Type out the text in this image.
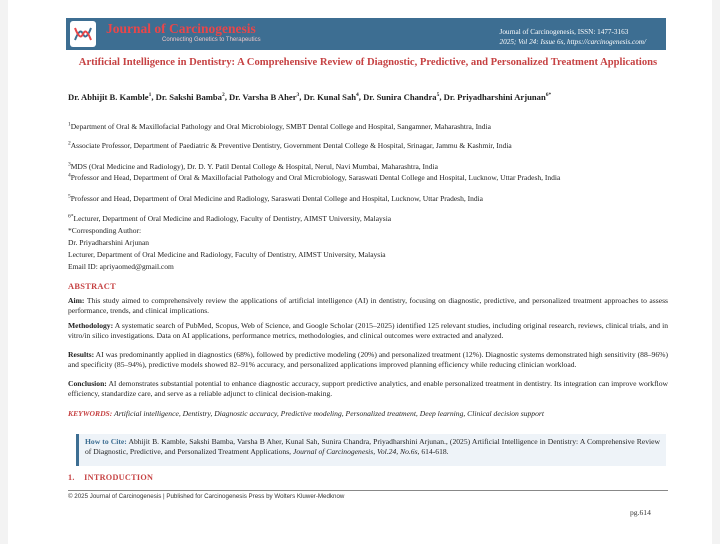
Journal of Carcinogenesis
Connecting Genetics to Therapeutics
Journal of Carcinogenesis, ISSN: 1477-3163
2025; Vol 24: Issue 6s, https://carcinogenesis.com/
Artificial Intelligence in Dentistry: A Comprehensive Review of Diagnostic, Predictive, and Personalized Treatment Applications
Dr. Abhijit B. Kamble$^1$, Dr. Sakshi Bamba$^2$, Dr. Varsha B Aher$^3$, Dr. Kunal Sah$^4$, Dr. Sunira Chandra$^5$, Dr. Priyadharshini Arjunan$^{6*}$
$^1$Department of Oral & Maxillofacial Pathology and Oral Microbiology, SMBT Dental College and Hospital, Sangamner, Maharashtra, India
$^2$Associate Professor, Department of Paediatric & Preventive Dentistry, Government Dental College & Hospital, Srinagar, Jammu & Kashmir, India
$^3$MDS (Oral Medicine and Radiology), Dr. D. Y. Patil Dental College & Hospital, Nerul, Navi Mumbai, Maharashtra, India
$^4$Professor and Head, Department of Oral & Maxillofacial Pathology and Oral Microbiology, Saraswati Dental College and Hospital, Lucknow, Uttar Pradesh, India
$^5$Professor and Head, Department of Oral Medicine and Radiology, Saraswati Dental College and Hospital, Lucknow, Uttar Pradesh, India
$^{6*}$Lecturer, Department of Oral Medicine and Radiology, Faculty of Dentistry, AIMST University, Malaysia
*Corresponding Author:
Dr. Priyadharshini Arjunan
Lecturer, Department of Oral Medicine and Radiology, Faculty of Dentistry, AIMST University, Malaysia
Email ID: apriyaomed@gmail.com
ABSTRACT
Aim: This study aimed to comprehensively review the applications of artificial intelligence (AI) in dentistry, focusing on diagnostic, predictive, and personalized treatment approaches to assess performance, trends, and clinical implications.
Methodology: A systematic search of PubMed, Scopus, Web of Science, and Google Scholar (2015–2025) identified 125 relevant studies, including original research, reviews, clinical trials, and in vitro/in silico investigations. Data on AI applications, performance metrics, methodologies, and clinical outcomes were extracted and analyzed.
Results: AI was predominantly applied in diagnostics (68%), followed by predictive modeling (20%) and personalized treatment (12%). Diagnostic systems demonstrated high sensitivity (88–96%) and specificity (85–94%), predictive models showed 82–91% accuracy, and personalized applications improved planning efficiency while reducing clinician workload.
Conclusion: AI demonstrates substantial potential to enhance diagnostic accuracy, support predictive analytics, and enable personalized treatment in dentistry. Its integration can improve workflow efficiency, standardize care, and serve as a reliable adjunct to clinical decision-making.
KEYWORDS: Artificial intelligence, Dentistry, Diagnostic accuracy, Predictive modeling, Personalized treatment, Deep learning, Clinical decision support
How to Cite: Abhijit B. Kamble, Sakshi Bamba, Varsha B Aher, Kunal Sah, Sunira Chandra, Priyadharshini Arjunan., (2025) Artificial Intelligence in Dentistry: A Comprehensive Review of Diagnostic, Predictive, and Personalized Treatment Applications, Journal of Carcinogenesis, Vol.24, No.6s, 614-618.
1.    INTRODUCTION
© 2025 Journal of Carcinogenesis | Published for Carcinogenesis Press by Wolters Kluwer-Medknow
pg.614
